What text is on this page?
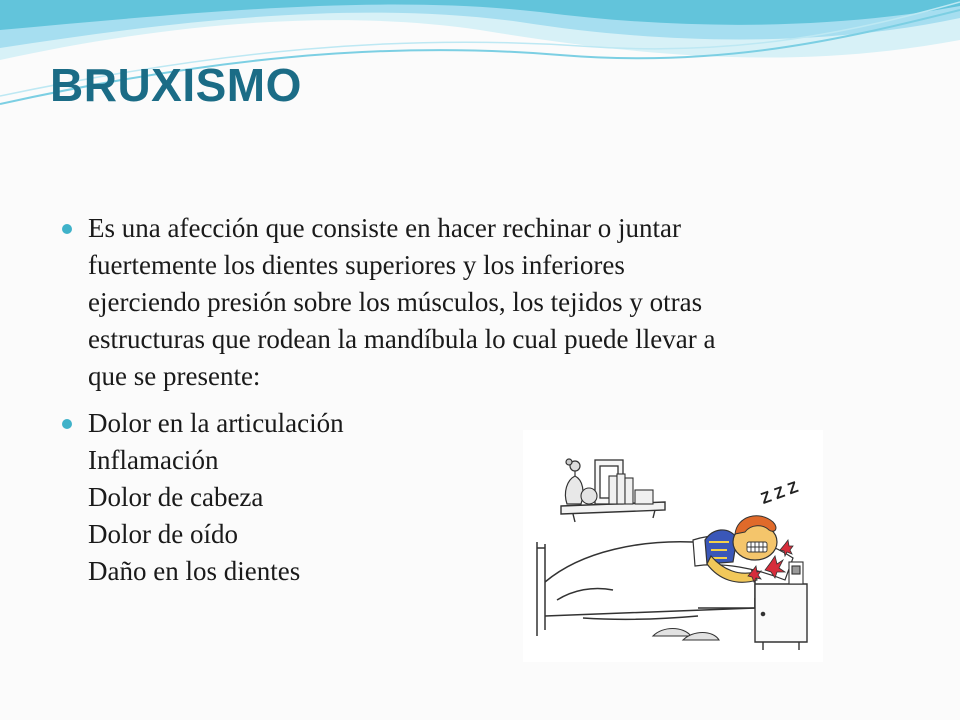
BRUXISMO
Es una afección que consiste en hacer rechinar o juntar
fuertemente los dientes superiores y los inferiores
ejerciendo presión sobre los músculos, los tejidos y otras
estructuras que rodean la mandíbula lo cual puede llevar a
que se presente:
Dolor en la articulación
Inflamación
Dolor de cabeza
Dolor de oído
Daño en los dientes
Z Z Z
